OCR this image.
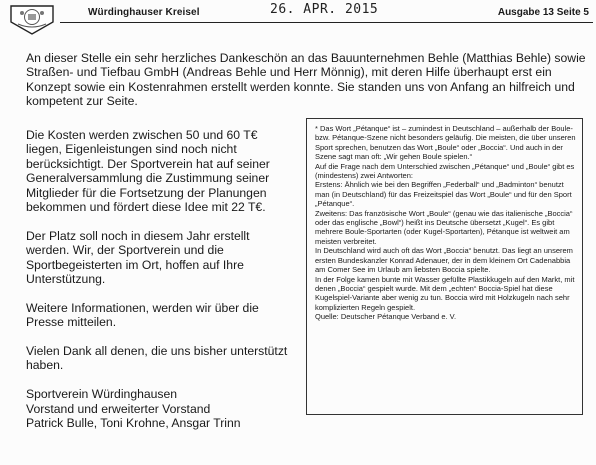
Würdinghauser Kreisel	26. APR. 2015	Ausgabe 13 Seite 5

An dieser Stelle ein sehr herzliches Dankeschön an das Bauunternehmen Behle (Matthias Behle) sowie Straßen- und Tiefbau GmbH (Andreas Behle und Herr Mönnig), mit deren Hilfe überhaupt erst ein Konzept sowie ein Kostenrahmen erstellt werden konnte. Sie standen uns von Anfang an hilfreich und kompetent zur Seite.

Die Kosten werden zwischen 50 und 60 T€ liegen, Eigenleistungen sind noch nicht berücksichtigt. Der Sportverein hat auf seiner Generalversammlung die Zustimmung seiner Mitglieder für die Fortsetzung der Planungen bekommen und fördert diese Idee mit 22 T€.

Der Platz soll noch in diesem Jahr erstellt werden. Wir, der Sportverein und die Sportbegeisterten im Ort, hoffen auf Ihre Unterstützung.

Weitere Informationen, werden wir über die Presse mitteilen.

Vielen Dank all denen, die uns bisher unterstützt haben.

Sportverein Würdinghausen
Vorstand und erweiterter Vorstand
Patrick Bulle, Toni Krohne, Ansgar Trinn
* Das Wort „Pétanque“ ist – zumindest in Deutschland – außerhalb der Boule- bzw. Pétanque-Szene nicht besonders geläufig. Die meisten, die über unseren Sport sprechen, benutzen das Wort „Boule“ oder „Boccia“. Und auch in der Szene sagt man oft: „Wir gehen Boule spielen.“
Auf die Frage nach dem Unterschied zwischen „Pétanque“ und „Boule“ gibt es (mindestens) zwei Antworten:
Erstens: Ähnlich wie bei den Begriffen „Federball“ und „Badminton“ benutzt man (in Deutschland) für das Freizeitspiel das Wort „Boule“ und für den Sport „Pétanque“.
Zweitens: Das französische Wort „Boule“ (genau wie das italienische „Boccia“ oder das englische „Bowl“) heißt ins Deutsche übersetzt „Kugel“. Es gibt mehrere Boule-Sportarten (oder Kugel-Sportarten), Pétanque ist weltweit am meisten verbreitet.
In Deutschland wird auch oft das Wort „Boccia“ benutzt. Das liegt an unserem ersten Bundeskanzler Konrad Adenauer, der in dem kleinem Ort Cadenabbia am Comer See im Urlaub am liebsten Boccia spielte.
In der Folge kamen bunte mit Wasser gefüllte Plastikkugeln auf den Markt, mit denen „Boccia“ gespielt wurde. Mit dem „echten“ Boccia-Spiel hat diese Kugelspiel-Variante aber wenig zu tun. Boccia wird mit Holzkugeln nach sehr komplizierten Regeln gespielt.
Quelle: Deutscher Pétanque Verband e. V.
